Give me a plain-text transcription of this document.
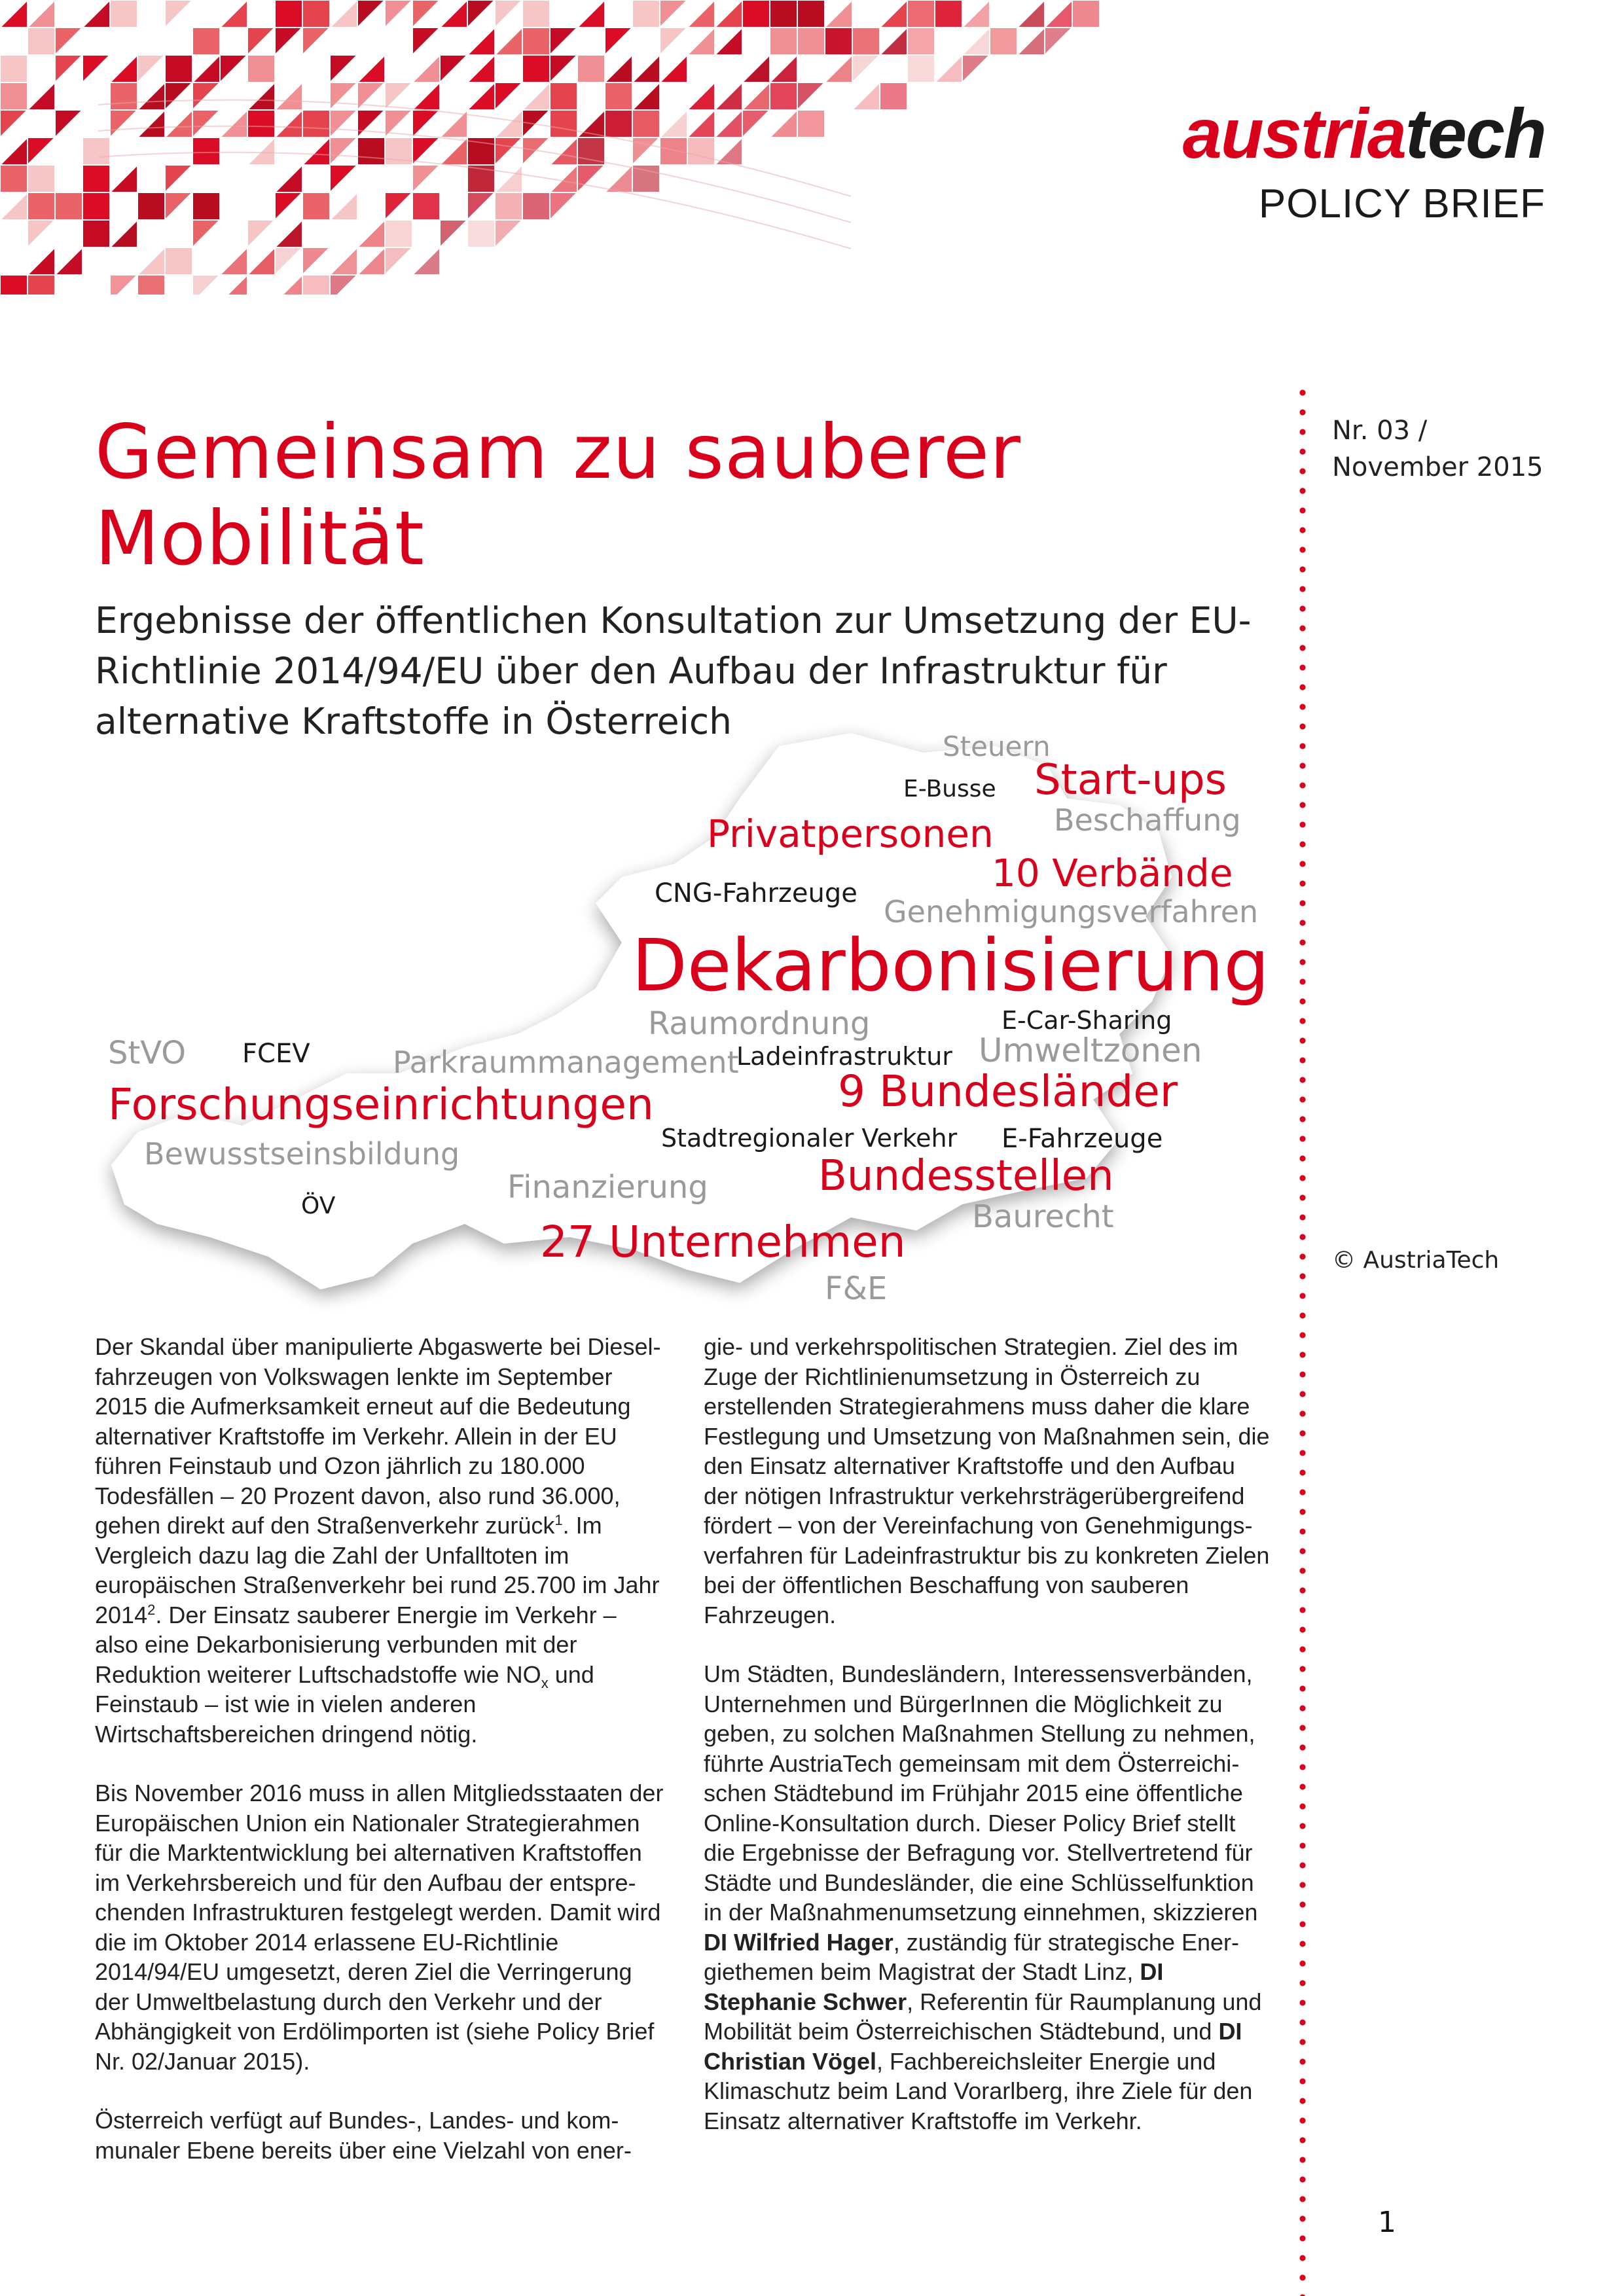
austriatech
POLICY BRIEF
Nr. 03 /
November 2015
Gemeinsam zu sauberer Mobilität

Ergebnisse der öffentlichen Konsultation zur Umsetzung der EU-Richtlinie 2014/94/EU über den Aufbau der Infrastruktur für alternative Kraftstoffe in Österreich

Steuern
E-Busse Start-ups
Beschaffung
Privatpersonen
10 Verbände
CNG-Fahrzeuge
Genehmigungsverfahren
Dekarbonisierung
Raumordnung	E-Car-Sharing
StVO FCEV	Parkraummanagement
Ladeinfrastruktur Umweltzonen
Forschungseinrichtungen	9 Bundesländer
Stadtregionaler Verkehr E-Fahrzeuge
Bewusstseinsbildung
Finanzierung	Bundesstellen
ÖV	Baurecht
27 Unternehmen
F&E
© AustriaTech

Der Skandal über manipulierte Abgaswerte bei Dieselfahrzeugen von Volkswagen lenkte im September 2015 die Aufmerksamkeit erneut auf die Bedeutung alternativer Kraftstoffe im Verkehr. Allein in der EU führen Feinstaub und Ozon jährlich zu 180.000 Todesfällen – 20 Prozent davon, also rund 36.000, gehen direkt auf den Straßenverkehr zurück$^1$. Im Vergleich dazu lag die Zahl der Unfalltoten im europäischen Straßenverkehr bei rund 25.700 im Jahr 2014$^2$. Der Einsatz sauberer Energie im Verkehr – also eine Dekarbonisierung verbunden mit der Reduktion weiterer Luftschadstoffe wie $NO_x$ und Feinstaub – ist wie in vielen anderen Wirtschaftsbereichen dringend nötig.

Bis November 2016 muss in allen Mitgliedsstaaten der Europäischen Union ein Nationaler Strategierahmen für die Marktentwicklung bei alternativen Kraftstoffen im Verkehrsbereich und für den Aufbau der entsprechenden Infrastrukturen festgelegt werden. Damit wird die im Oktober 2014 erlassene EU-Richtlinie 2014/94/EU umgesetzt, deren Ziel die Verringerung der Umweltbelastung durch den Verkehr und der Abhängigkeit von Erdölimporten ist (siehe Policy Brief Nr. 02/Januar 2015).

Österreich verfügt auf Bundes-, Landes- und kommunaler Ebene bereits über eine Vielzahl von ener-

gie- und verkehrspolitischen Strategien. Ziel des im Zuge der Richtlinienumsetzung in Österreich zu erstellenden Strategierahmens muss daher die klare Festlegung und Umsetzung von Maßnahmen sein, die den Einsatz alternativer Kraftstoffe und den Aufbau der nötigen Infrastruktur verkehrsträgerübergreifend fördert – von der Vereinfachung von Genehmigungsverfahren für Ladeinfrastruktur bis zu konkreten Zielen bei der öffentlichen Beschaffung von sauberen Fahrzeugen.

Um Städten, Bundesländern, Interessensverbänden, Unternehmen und BürgerInnen die Möglichkeit zu geben, zu solchen Maßnahmen Stellung zu nehmen, führte AustriaTech gemeinsam mit dem Österreichischen Städtebund im Frühjahr 2015 eine öffentliche Online-Konsultation durch. Dieser Policy Brief stellt die Ergebnisse der Befragung vor. Stellvertretend für Städte und Bundesländer, die eine Schlüsselfunktion in der Maßnahmenumsetzung einnehmen, skizzieren DI Wilfried Hager, zuständig für strategische Energiethemen beim Magistrat der Stadt Linz, DI Stephanie Schwer, Referentin für Raumplanung und Mobilität beim Österreichischen Städtebund, und DI Christian Vögel, Fachbereichsleiter Energie und Klimaschutz beim Land Vorarlberg, ihre Ziele für den Einsatz alternativer Kraftstoffe im Verkehr.

1
